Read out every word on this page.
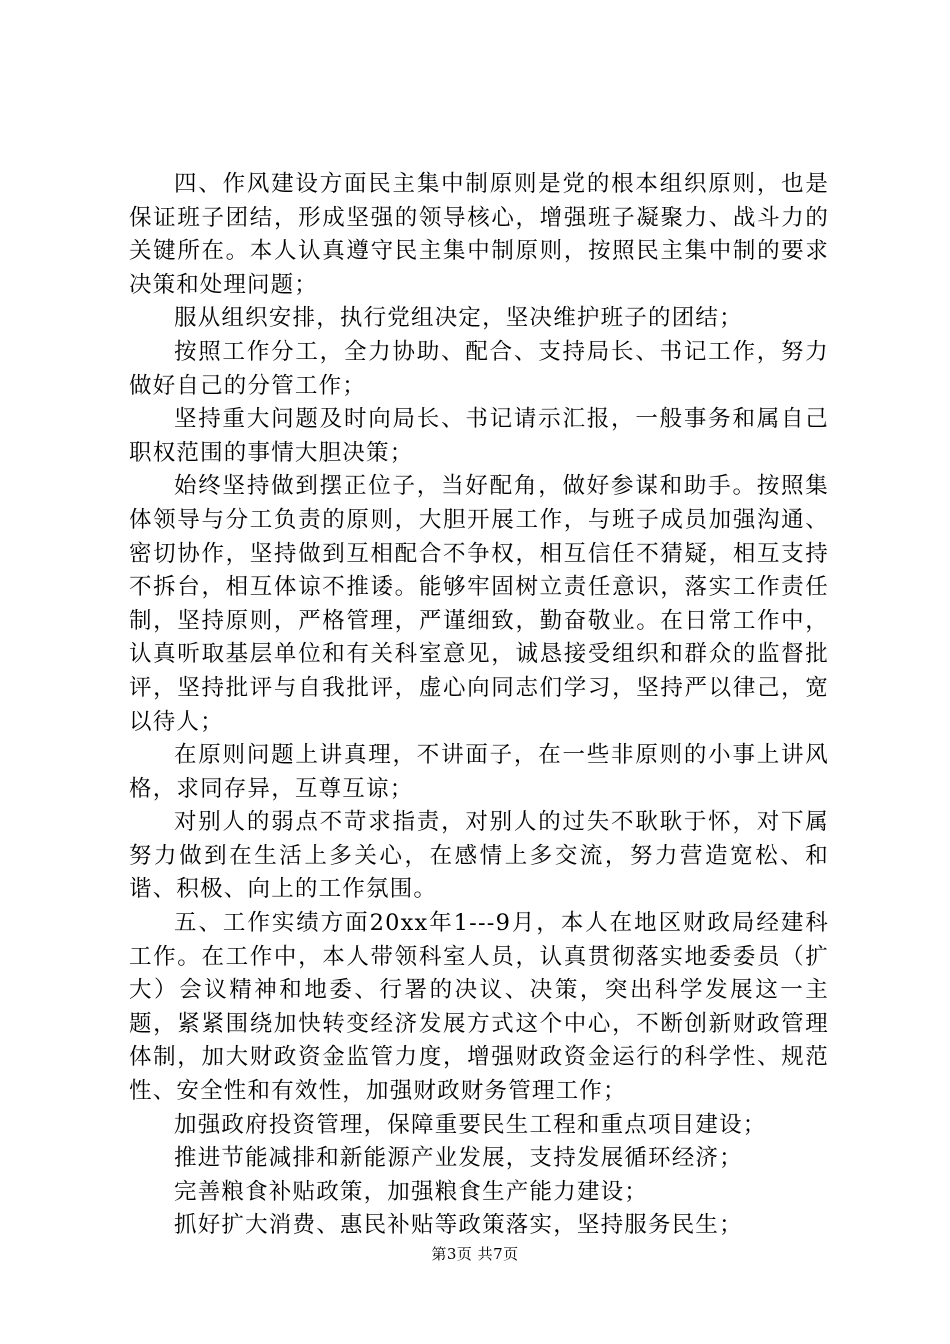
四、作风建设方面民主集中制原则是党的根本组织原则，也是保证班子团结，形成坚强的领导核心，增强班子凝聚力、战斗力的关键所在。本人认真遵守民主集中制原则，按照民主集中制的要求决策和处理问题；

服从组织安排，执行党组决定，坚决维护班子的团结；

按照工作分工，全力协助、配合、支持局长、书记工作，努力做好自己的分管工作；

坚持重大问题及时向局长、书记请示汇报，一般事务和属自己职权范围的事情大胆决策；

始终坚持做到摆正位子，当好配角，做好参谋和助手。按照集体领导与分工负责的原则，大胆开展工作，与班子成员加强沟通、密切协作，坚持做到互相配合不争权，相互信任不猜疑，相互支持不拆台，相互体谅不推诿。能够牢固树立责任意识，落实工作责任制，坚持原则，严格管理，严谨细致，勤奋敬业。在日常工作中，认真听取基层单位和有关科室意见，诚恳接受组织和群众的监督批评，坚持批评与自我批评，虚心向同志们学习，坚持严以律己，宽以待人；

在原则问题上讲真理，不讲面子，在一些非原则的小事上讲风格，求同存异，互尊互谅；

对别人的弱点不苛求指责，对别人的过失不耿耿于怀，对下属努力做到在生活上多关心，在感情上多交流，努力营造宽松、和谐、积极、向上的工作氛围。

五、工作实绩方面20xx年1---9月，本人在地区财政局经建科工作。在工作中，本人带领科室人员，认真贯彻落实地委委员（扩大）会议精神和地委、行署的决议、决策，突出科学发展这一主题，紧紧围绕加快转变经济发展方式这个中心，不断创新财政管理体制，加大财政资金监管力度，增强财政资金运行的科学性、规范性、安全性和有效性，加强财政财务管理工作；

加强政府投资管理，保障重要民生工程和重点项目建设；

推进节能减排和新能源产业发展，支持发展循环经济；

完善粮食补贴政策，加强粮食生产能力建设；

抓好扩大消费、惠民补贴等政策落实，坚持服务民生；

第3页 共7页
